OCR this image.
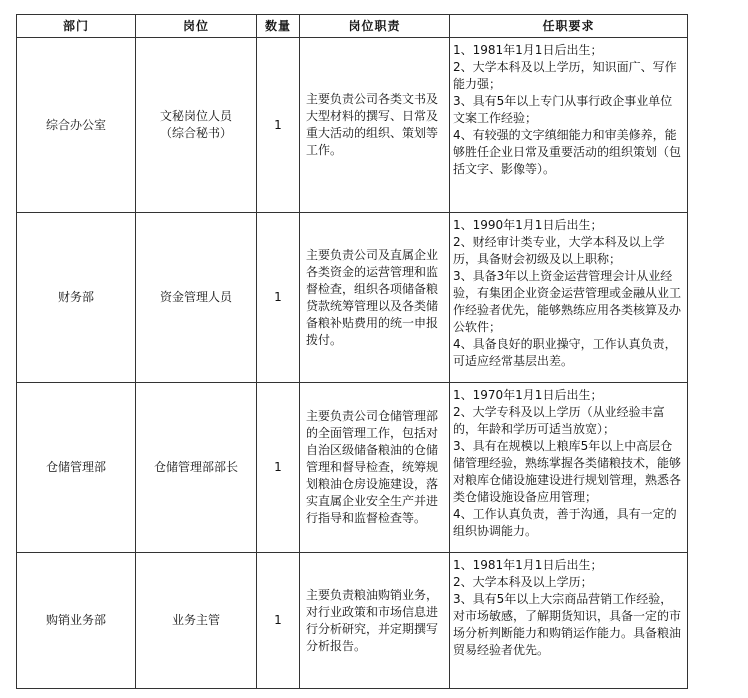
部门	岗位	数量	岗位职责	任职要求
综合办公室	文秘岗位人员
（综合秘书）	1	主要负责公司各类文书及大型材料的撰写、日常及重大活动的组织、策划等工作。	1、1981年1月1日后出生；
2、大学本科及以上学历，知识面广、写作能力强；
3、具有5年以上专门从事行政企事业单位文案工作经验；
4、有较强的文字缜细能力和审美修养，能够胜任企业日常及重要活动的组织策划（包括文字、影像等）。

财务部	资金管理人员	1	主要负责公司及直属企业各类资金的运营管理和监督检查，组织各项储备粮贷款统筹管理以及各类储备粮补贴费用的统一申报拨付。	1、1990年1月1日后出生；
2、财经审计类专业，大学本科及以上学历，具备财会初级及以上职称；
3、具备3年以上资金运营管理会计从业经验，有集团企业资金运营管理或金融从业工作经验者优先，能够熟练应用各类核算及办公软件；
4、具备良好的职业操守，工作认真负责，可适应经常基层出差。

仓储管理部	仓储管理部部长	1	主要负责公司仓储管理部的全面管理工作，包括对自治区级储备粮油的仓储管理和督导检查，统筹规划粮油仓房设施建设，落实直属企业安全生产并进行指导和监督检查等。	1、1970年1月1日后出生；
2、大学专科及以上学历（从业经验丰富的，年龄和学历可适当放宽）；
3、具有在规模以上粮库5年以上中高层仓储管理经验，熟练掌握各类储粮技术，能够对粮库仓储设施建设进行规划管理，熟悉各类仓储设施设备应用管理；
4、工作认真负责，善于沟通，具有一定的组织协调能力。

购销业务部	业务主管	1	主要负责粮油购销业务，对行业政策和市场信息进行分析研究，并定期撰写分析报告。	1、1981年1月1日后出生；
2、大学本科及以上学历；
3、具有5年以上大宗商品营销工作经验，对市场敏感，了解期货知识，具备一定的市场分析判断能力和购销运作能力。具备粮油贸易经验者优先。
